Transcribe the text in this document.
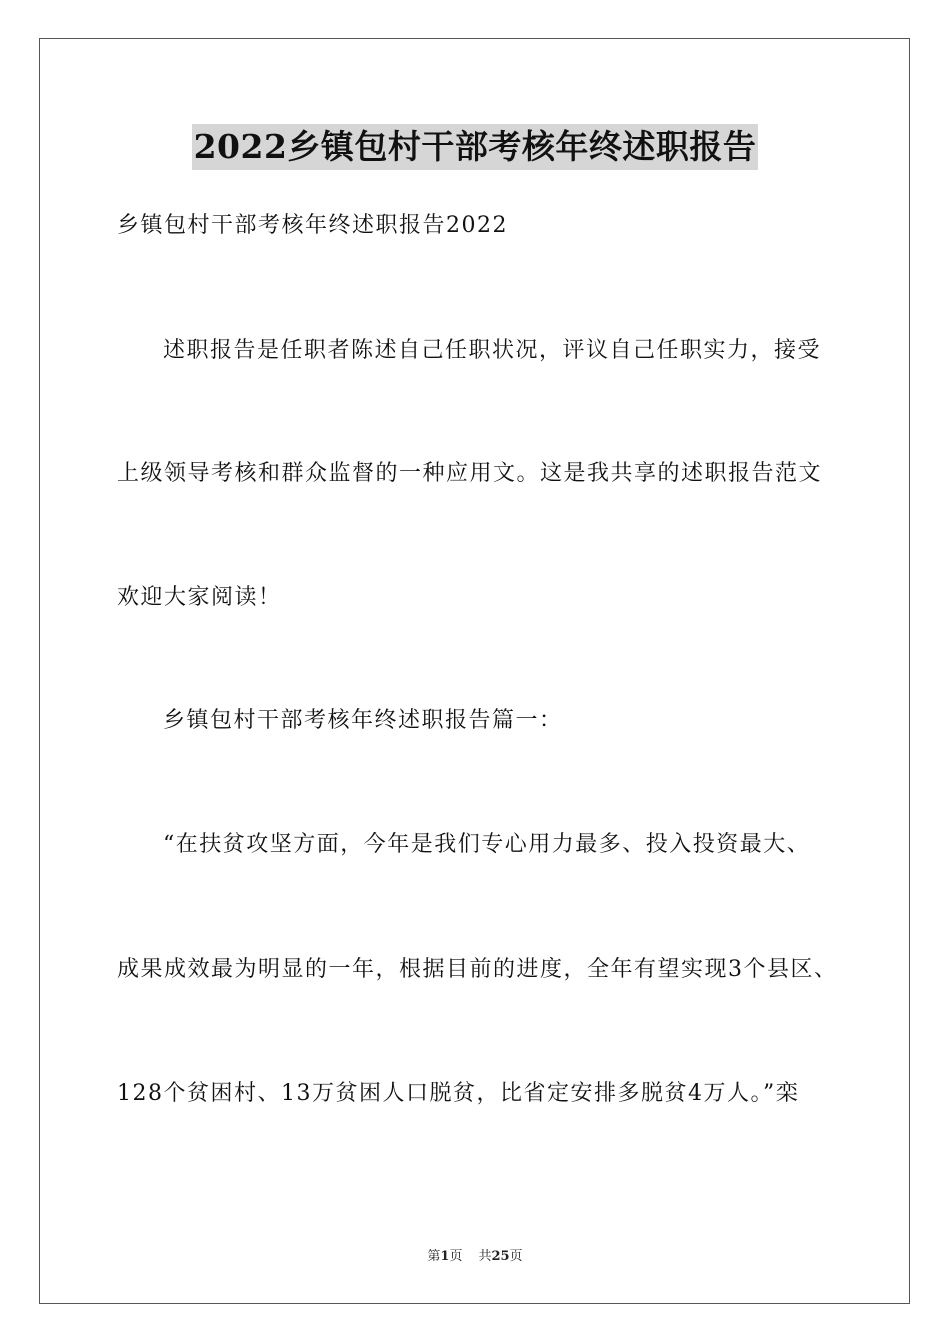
2022乡镇包村干部考核年终述职报告
乡镇包村干部考核年终述职报告2022
述职报告是任职者陈述自己任职状况，评议自己任职实力，接受
上级领导考核和群众监督的一种应用文。这是我共享的述职报告范文
欢迎大家阅读！
乡镇包村干部考核年终述职报告篇一：
“在扶贫攻坚方面，今年是我们专心用力最多、投入投资最大、
成果成效最为明显的一年，根据目前的进度，全年有望实现3个县区、
128个贫困村、13万贫困人口脱贫，比省定安排多脱贫4万人。”栾
第1页 共25页
